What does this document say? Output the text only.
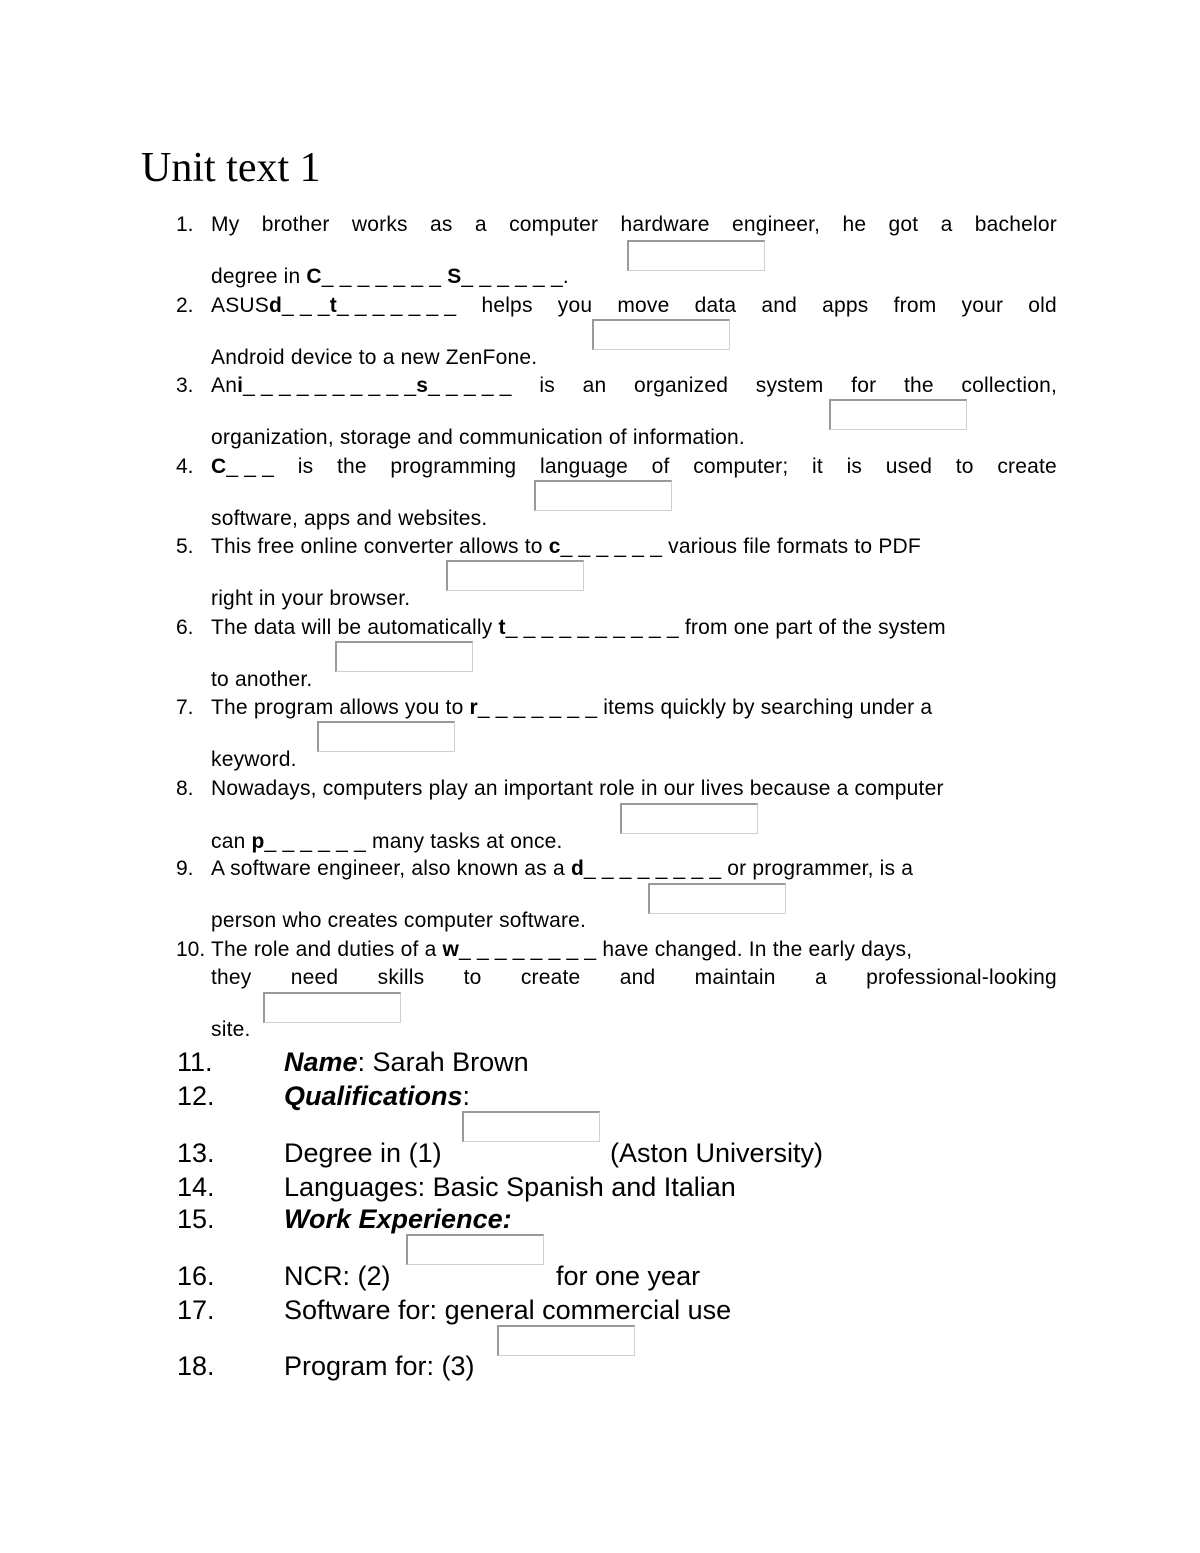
Unit text 1
1. My brother works as a computer hardware engineer, he got a bachelor
degree in C_ _ _ _ _ _ _ S_ _ _ _ _ _.
2. ASUSd_ _ _t_ _ _ _ _ _ _ helps you move data and apps from your old
Android device to a new ZenFone.
3. Ani_ _ _ _ _ _ _ _ _ _s_ _ _ _ _ is an organized system for the collection,
organization, storage and communication of information.
4. C_ _ _ is the programming language of computer; it is used to create
software, apps and websites.
5. This free online converter allows to c_ _ _ _ _ _ various file formats to PDF
right in your browser.
6. The data will be automatically t_ _ _ _ _ _ _ _ _ _ from one part of the system
to another.
7. The program allows you to r_ _ _ _ _ _ _ items quickly by searching under a
keyword.
8. Nowadays, computers play an important role in our lives because a computer
can p_ _ _ _ _ _ many tasks at once.
9. A software engineer, also known as a d_ _ _ _ _ _ _ _ or programmer, is a
person who creates computer software.
10. The role and duties of a w_ _ _ _ _ _ _ _ have changed. In the early days,
they need skills to create and maintain a professional-looking
site.
11.	Name: Sarah Brown
12.	Qualifications:
13.	Degree in (1)	(Aston University)
14.	Languages: Basic Spanish and Italian
15.	Work Experience:
16.	NCR: (2)	for one year
17.	Software for: general commercial use
18.	Program for: (3)
